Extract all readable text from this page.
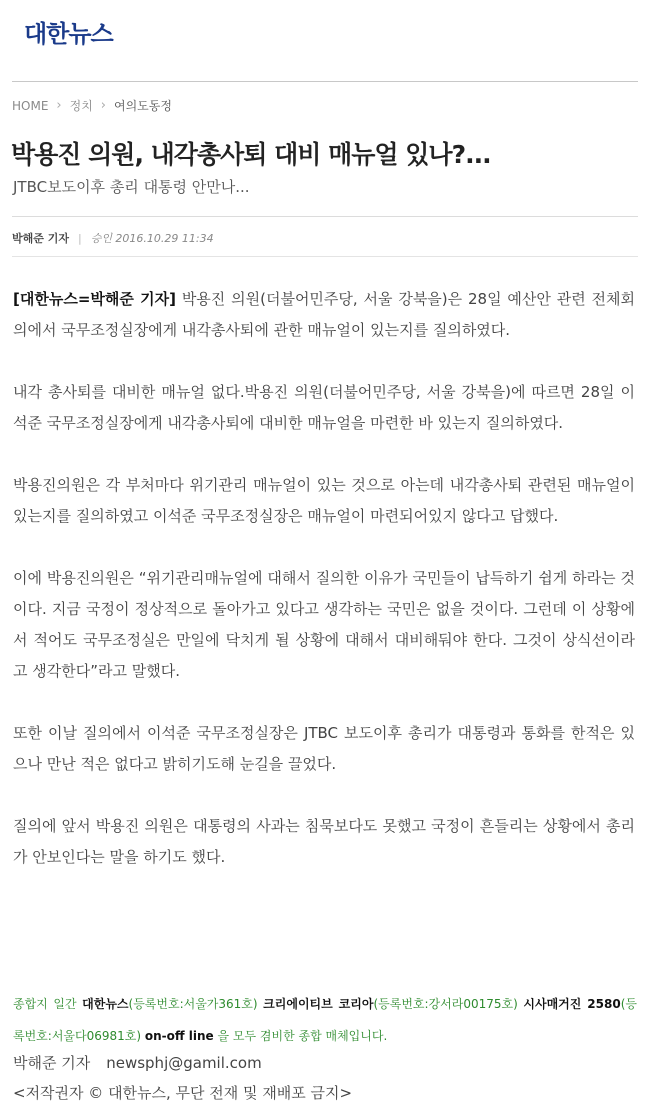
대한뉴스
HOME › 정치 › 여의도동정
박용진 의원, 내각총사퇴 대비 매뉴얼 있나?...
JTBC보도이후 총리 대통령 안만나...
박해준 기자 | 승인 2016.10.29 11:34

[대한뉴스=박해준 기자] 박용진 의원(더불어민주당, 서울 강북을)은 28일 예산안 관련 전체회의에서 국무조정실장에게 내각총사퇴에 관한 매뉴얼이 있는지를 질의하였다.

내각 총사퇴를 대비한 매뉴얼 없다.박용진 의원(더불어민주당, 서울 강북을)에 따르면 28일 이석준 국무조정실장에게 내각총사퇴에 대비한 매뉴얼을 마련한 바 있는지 질의하였다.

박용진의원은 각 부처마다 위기관리 매뉴얼이 있는 것으로 아는데 내각총사퇴 관련된 매뉴얼이 있는지를 질의하였고 이석준 국무조정실장은 매뉴얼이 마련되어있지 않다고 답했다.

이에 박용진의원은 “위기관리매뉴얼에 대해서 질의한 이유가 국민들이 납득하기 쉽게 하라는 것이다. 지금 국정이 정상적으로 돌아가고 있다고 생각하는 국민은 없을 것이다. 그런데 이 상황에서 적어도 국무조정실은 만일에 닥치게 될 상황에 대해서 대비해둬야 한다. 그것이 상식선이라고 생각한다”라고 말했다.

또한 이날 질의에서 이석준 국무조정실장은 JTBC 보도이후 총리가 대통령과 통화를 한적은 있으나 만난 적은 없다고 밝히기도해 눈길을 끌었다.

질의에 앞서 박용진 의원은 대통령의 사과는 침묵보다도 못했고 국정이 흔들리는 상황에서 총리가 안보인다는 말을 하기도 했다.

종합지 일간 대한뉴스(등록번호:서울가361호) 크리에이티브 코리아(등록번호:강서라00175호) 시사매거진 2580(등록번호:서울다06981호) on-off line 을 모두 겸비한 종합 매체입니다.
박해준 기자 newsphj@gamil.com
<저작권자 © 대한뉴스, 무단 전재 및 재배포 금지>
